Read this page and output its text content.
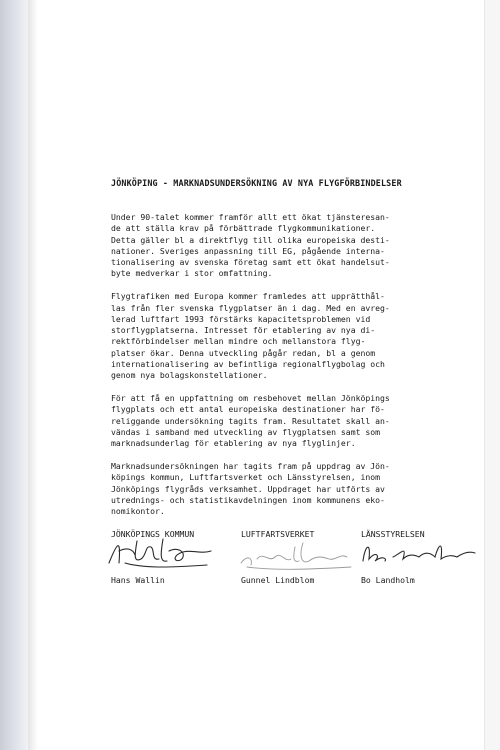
JÖNKÖPING - MARKNADSUNDERSÖKNING AV NYA FLYGFÖRBINDELSER
Under 90-talet kommer framför allt ett ökat tjänsteresan-
de att ställa krav på förbättrade flygkommunikationer.
Detta gäller bl a direktflyg till olika europeiska desti-
nationer. Sveriges anpassning till EG, pågående interna-
tionalisering av svenska företag samt ett ökat handelsut-
byte medverkar i stor omfattning.
Flygtrafiken med Europa kommer framledes att upprätthål-
las från fler svenska flygplatser än i dag. Med en avreg-
lerad luftfart 1993 förstärks kapacitetsproblemen vid
storflygplatserna. Intresset för etablering av nya di-
rektförbindelser mellan mindre och mellanstora flyg-
platser ökar. Denna utveckling pågår redan, bl a genom
internationalisering av befintliga regionalflygbolag och
genom nya bolagskonstellationer.
För att få en uppfattning om resbehovet mellan Jönköpings
flygplats och ett antal europeiska destinationer har fö-
religgande undersökning tagits fram. Resultatet skall an-
vändas i samband med utveckling av flygplatsen samt som
marknadsunderlag för etablering av nya flyglinjer.
Marknadsundersökningen har tagits fram på uppdrag av Jön-
köpings kommun, Luftfartsverket och Länsstyrelsen, inom
Jönköpings flygråds verksamhet. Uppdraget har utförts av
utrednings- och statistikavdelningen inom kommunens eko-
nomikontor.
JÖNKÖPINGS KOMMUN
Hans Wallin
LUFTFARTSVERKET
Gunnel Lindblom
LÄNSSTYRELSEN
Bo Landholm
